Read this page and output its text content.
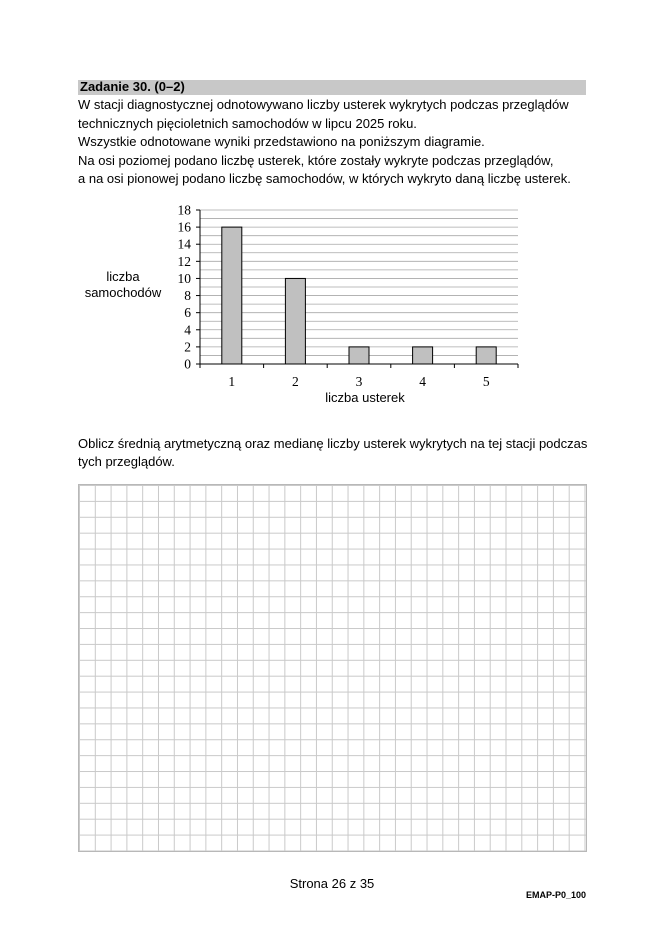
Zadanie 30. (0–2)

W stacji diagnostycznej odnotowywano liczby usterek wykrytych podczas przeglądów

technicznych pięcioletnich samochodów w lipcu 2025 roku.

Wszystkie odnotowane wyniki przedstawiono na poniższym diagramie.

Na osi poziomej podano liczbę usterek, które zostały wykryte podczas przeglądów,

a na osi pionowej podano liczbę samochodów, w których wykryto daną liczbę usterek.

liczba
samochodów
0
2
4
6
8
10
12
14
16
18
1	2	3	4	5
liczba usterek

Oblicz średnią arytmetyczną oraz medianę liczby usterek wykrytych na tej stacji podczas

tych przeglądów.

Strona 26 z 35
EMAP-P0_100
